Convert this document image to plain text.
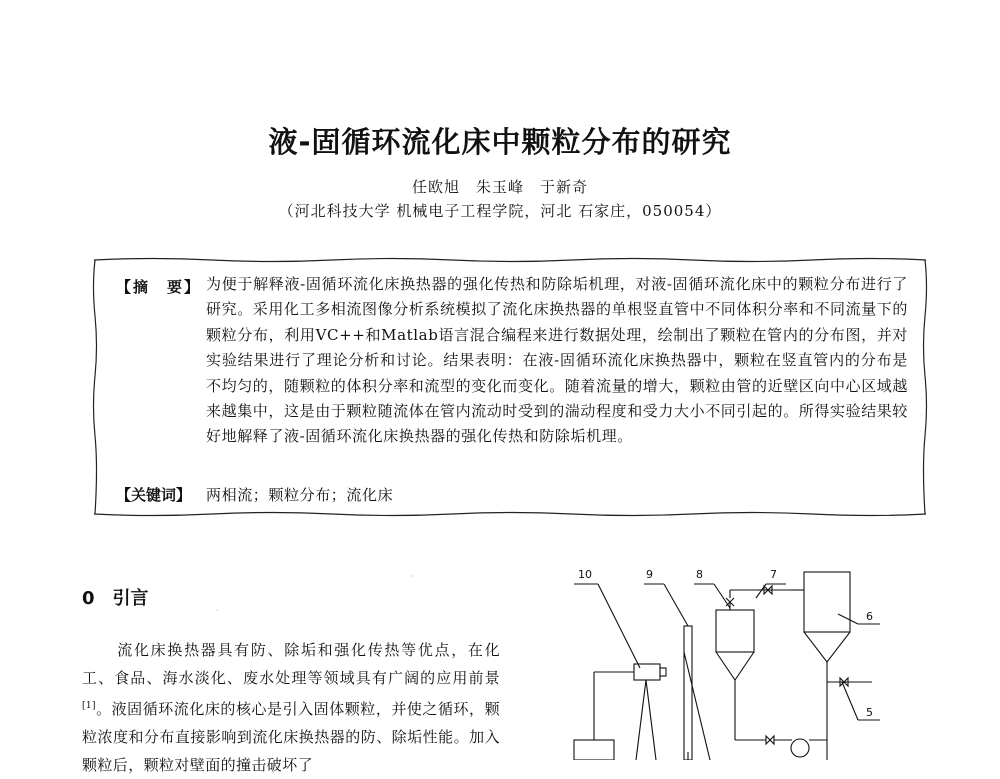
液-固循环流化床中颗粒分布的研究
任欧旭　朱玉峰　于新奇
（河北科技大学 机械电子工程学院，河北 石家庄，050054）
【摘　要】 为便于解释液-固循环流化床换热器的强化传热和防除垢机理，对液-固循环流化床中的颗粒分布进行了研究。采用化工多相流图像分析系统模拟了流化床换热器的单根竖直管中不同体积分率和不同流量下的颗粒分布，利用VC++和Matlab语言混合编程来进行数据处理，绘制出了颗粒在管内的分布图，并对实验结果进行了理论分析和讨论。结果表明：在液-固循环流化床换热器中，颗粒在竖直管内的分布是不均匀的，随颗粒的体积分率和流型的变化而变化。随着流量的增大，颗粒由管的近壁区向中心区域越来越集中，这是由于颗粒随流体在管内流动时受到的湍动程度和受力大小不同引起的。所得实验结果较好地解释了液-固循环流化床换热器的强化传热和防除垢机理。
【关键词】 两相流；颗粒分布；流化床
0 引言
流化床换热器具有防、除垢和强化传热等优点，在化工、食品、海水淡化、废水处理等领域具有广阔的应用前景[1]。液固循环流化床的核心是引入固体颗粒，并使之循环，颗粒浓度和分布直接影响到流化床换热器的防、除垢性能。加入颗粒后，颗粒对壁面的撞击破坏了
10	9	8	7
6
5
·
·
